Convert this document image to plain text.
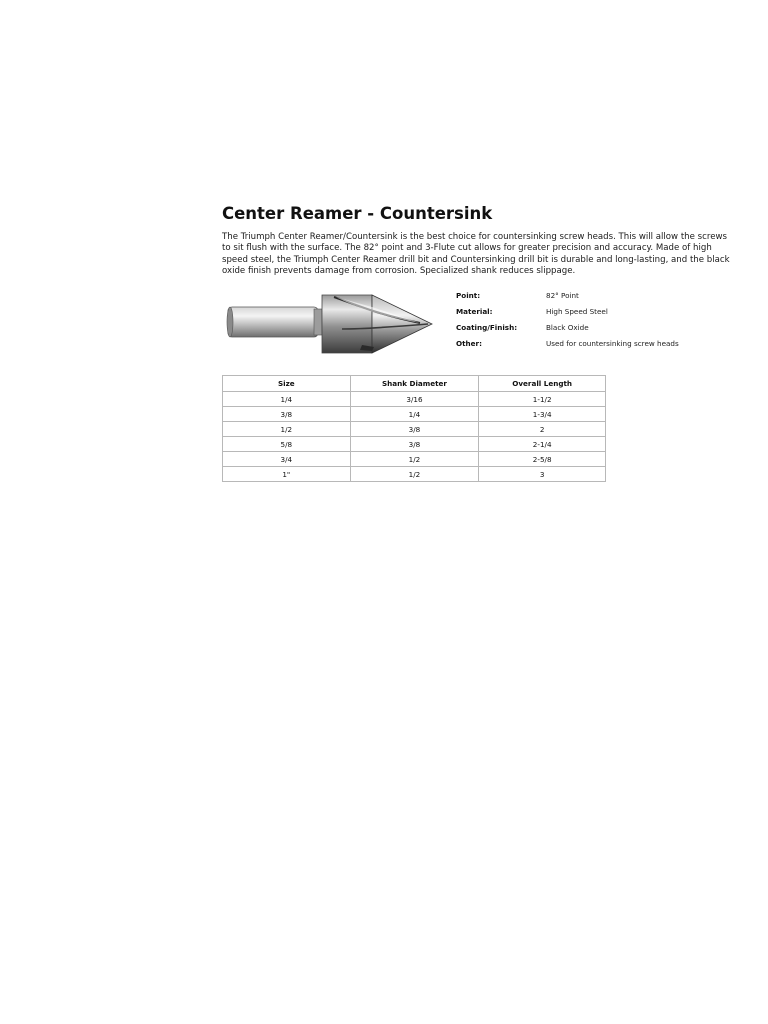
Center Reamer - Countersink

The Triumph Center Reamer/Countersink is the best choice for countersinking screw heads. This will allow the screws to sit flush with the surface. The 82° point and 3-Flute cut allows for greater precision and accuracy. Made of high speed steel, the Triumph Center Reamer drill bit and Countersinking drill bit is durable and long-lasting, and the black oxide finish prevents damage from corrosion. Specialized shank reduces slippage.

Point:	82° Point
Material:	High Speed Steel
Coating/Finish:	Black Oxide
Other:	Used for countersinking screw heads
Size	Shank Diameter	Overall Length
1/4	3/16	1-1/2
3/8	1/4	1-3/4
1/2	3/8	2
5/8	3/8	2-1/4
3/4	1/2	2-5/8
1"	1/2	3
